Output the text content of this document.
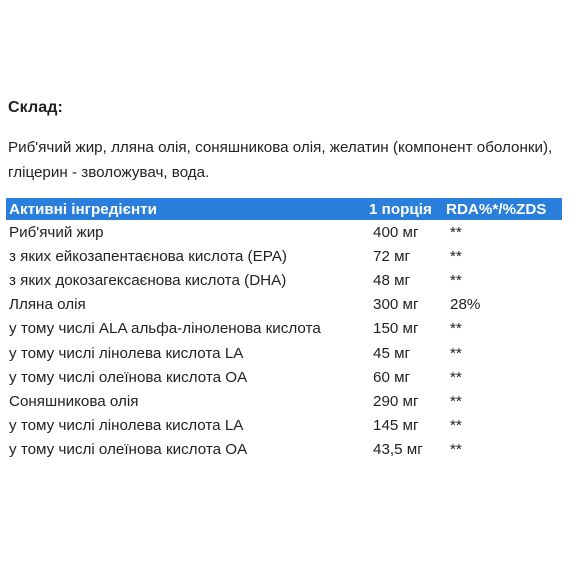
Склад:
Риб'ячий жир, лляна олія, соняшникова олія, желатин (компонент оболонки), гліцерин - зволожувач, вода.
Активні інгредієнти	1 порція RDA%*/%ZDS
Риб'ячий жир	400 мг	**
з яких ейкозапентаєнова кислота (EPA)	72 мг	**
з яких докозагексаєнова кислота (DHA)	48 мг	**
Лляна олія	300 мг	28%
у тому числі ALA альфа-ліноленова кислота	150 мг	**
у тому числі лінолева кислота LA	45 мг	**
у тому числі олеїнова кислота OA	60 мг	**
Соняшникова олія	290 мг	**
у тому числі лінолева кислота LA	145 мг	**
у тому числі олеїнова кислота OA	43,5 мг	**
